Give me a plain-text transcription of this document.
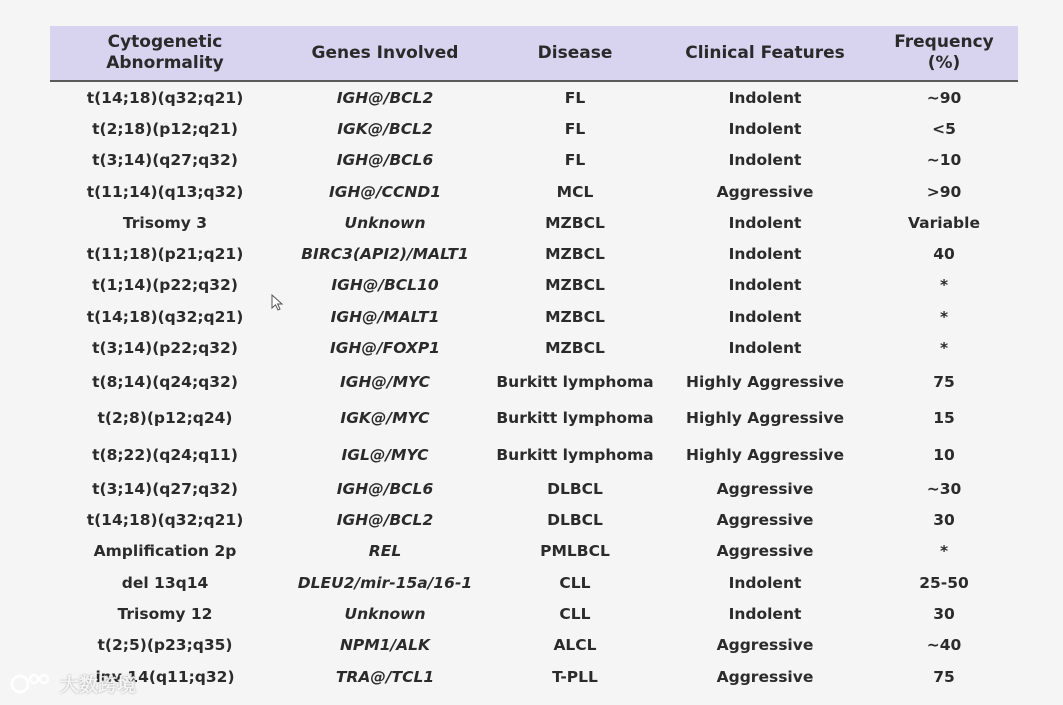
Cytogenetic
Abnormality	Genes Involved	Disease	Clinical Features	Frequency
(%)
t(14;18)(q32;q21)	IGH@/BCL2	FL	Indolent	~90
t(2;18)(p12;q21)	IGK@/BCL2	FL	Indolent	<5
t(3;14)(q27;q32)	IGH@/BCL6	FL	Indolent	~10
t(11;14)(q13;q32)	IGH@/CCND1	MCL	Aggressive	>90
Trisomy 3	Unknown	MZBCL	Indolent	Variable
t(11;18)(p21;q21)	BIRC3(API2)/MALT1	MZBCL	Indolent	40
t(1;14)(p22;q32)	IGH@/BCL10	MZBCL	Indolent	*
t(14;18)(q32;q21)	IGH@/MALT1	MZBCL	Indolent	*
t(3;14)(p22;q32)	IGH@/FOXP1	MZBCL	Indolent	*
t(8;14)(q24;q32)	IGH@/MYC	Burkitt lymphoma	Highly Aggressive	75
t(2;8)(p12;q24)	IGK@/MYC	Burkitt lymphoma	Highly Aggressive	15
t(8;22)(q24;q11)	IGL@/MYC	Burkitt lymphoma	Highly Aggressive	10
t(3;14)(q27;q32)	IGH@/BCL6	DLBCL	Aggressive	~30
t(14;18)(q32;q21)	IGH@/BCL2	DLBCL	Aggressive	30
Amplification 2p	REL	PMLBCL	Aggressive	*
del 13q14	DLEU2/mir-15a/16-1	CLL	Indolent	25-50
Trisomy 12	Unknown	CLL	Indolent	30
t(2;5)(p23;q35)	NPM1/ALK	ALCL	Aggressive	~40
inv 14(q11;q32)	TRA@/TCL1	T-PLL	Aggressive	75
大数跨境
